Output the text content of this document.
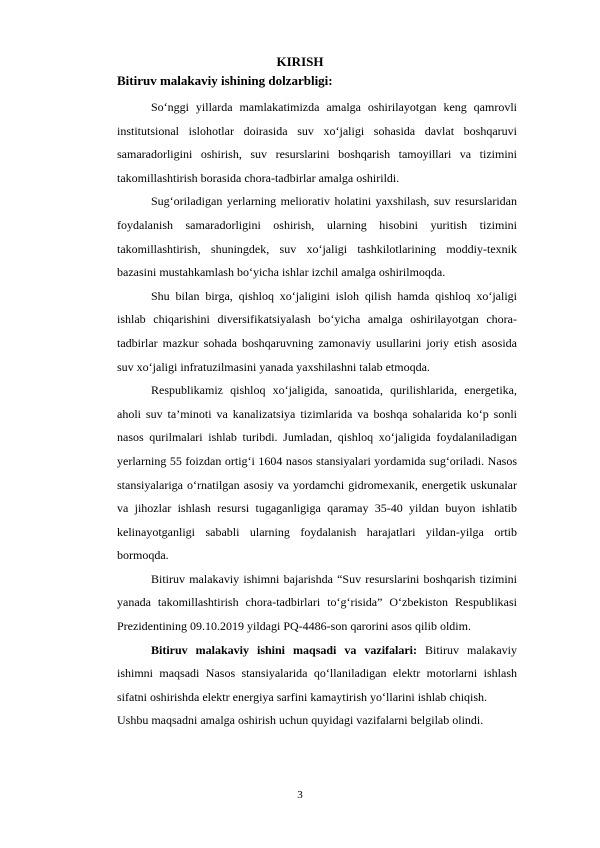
KIRISH
Bitiruv malakaviy ishining dolzarbligi:

So‘nggi yillarda mamlakatimizda amalga oshirilayotgan keng qamrovli institutsional islohotlar doirasida suv xo‘jaligi sohasida davlat boshqaruvi samaradorligini oshirish, suv resurslarini boshqarish tamoyillari va tizimini takomillashtirish borasida chora-tadbirlar amalga oshirildi.

Sug‘oriladigan yerlarning meliorativ holatini yaxshilash, suv resurslaridan foydalanish samaradorligini oshirish, ularning hisobini yuritish tizimini takomillashtirish, shuningdek, suv xo‘jaligi tashkilotlarining moddiy-texnik bazasini mustahkamlash bo‘yicha ishlar izchil amalga oshirilmoqda.

Shu bilan birga, qishloq xo‘jaligini isloh qilish hamda qishloq xo‘jaligi ishlab chiqarishini diversifikatsiyalash bo‘yicha amalga oshirilayotgan chora-tadbirlar mazkur sohada boshqaruvning zamonaviy usullarini joriy etish asosida suv xo‘jaligi infratuzilmasini yanada yaxshilashni talab etmoqda.

Respublikamiz qishloq xo‘jaligida, sanoatida, qurilishlarida, energetika, aholi suv ta’minoti va kanalizatsiya tizimlarida va boshqa sohalarida ko‘p sonli nasos qurilmalari ishlab turibdi. Jumladan, qishloq xo‘jaligida foydalaniladigan yerlarning 55 foizdan ortig‘i 1604 nasos stansiyalari yordamida sug‘oriladi. Nasos stansiyalariga o‘rnatilgan asosiy va yordamchi gidromexanik, energetik uskunalar va jihozlar ishlash resursi tugaganligiga qaramay 35-40 yildan buyon ishlatib kelinayotganligi sababli ularning foydalanish harajatlari yildan-yilga ortib bormoqda.

Bitiruv malakaviy ishimni bajarishda “Suv resurslarini boshqarish tizimini yanada takomillashtirish chora-tadbirlari to‘g‘risida” O‘zbekiston Respublikasi Prezidentining 09.10.2019 yildagi PQ-4486-son qarorini asos qilib oldim.

Bitiruv malakaviy ishini maqsadi va vazifalari: Bitiruv malakaviy ishimni maqsadi Nasos stansiyalarida qo‘llaniladigan elektr motorlarni ishlash sifatni oshirishda elektr energiya sarfini kamaytirish yo‘llarini ishlab chiqish.

Ushbu maqsadni amalga oshirish uchun quyidagi vazifalarni belgilab olindi.

3
